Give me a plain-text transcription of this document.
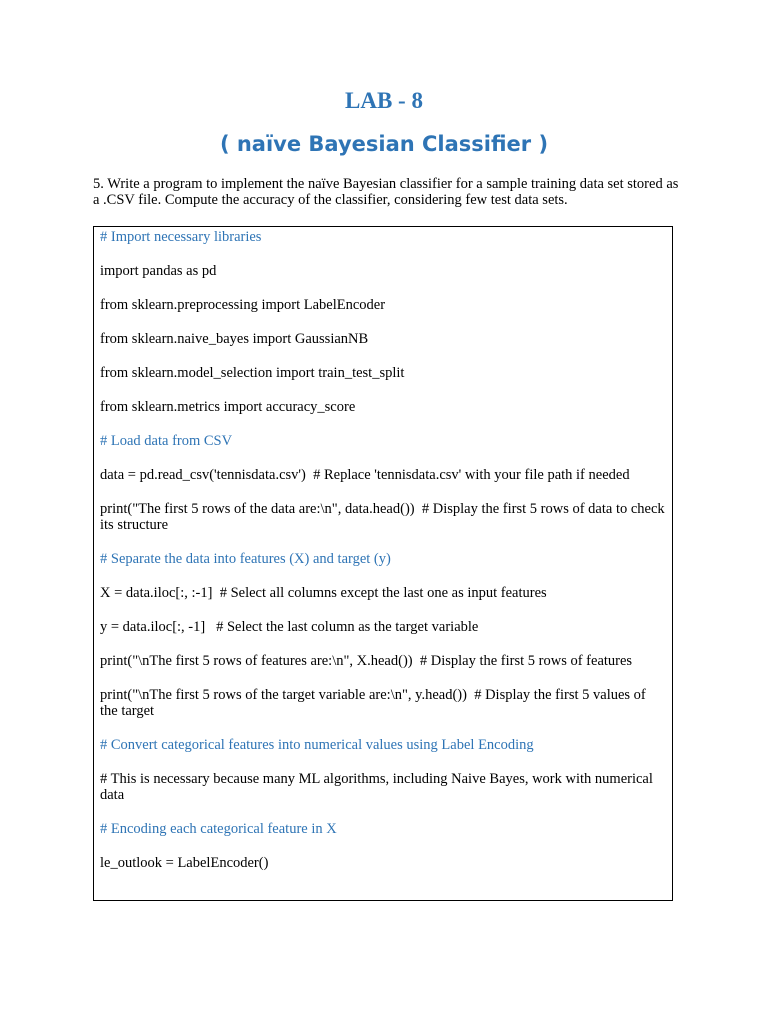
LAB - 8
( naïve Bayesian Classifier )

5. Write a program to implement the naïve Bayesian classifier for a sample training data set stored as a .CSV file. Compute the accuracy of the classifier, considering few test data sets.

# Import necessary libraries

import pandas as pd

from sklearn.preprocessing import LabelEncoder

from sklearn.naive_bayes import GaussianNB

from sklearn.model_selection import train_test_split

from sklearn.metrics import accuracy_score

# Load data from CSV

data = pd.read_csv('tennisdata.csv')  # Replace 'tennisdata.csv' with your file path if needed

print("The first 5 rows of the data are:\n", data.head())  # Display the first 5 rows of data to check its structure

# Separate the data into features (X) and target (y)

X = data.iloc[:, :-1]  # Select all columns except the last one as input features

y = data.iloc[:, -1]   # Select the last column as the target variable

print("\nThe first 5 rows of features are:\n", X.head())  # Display the first 5 rows of features

print("\nThe first 5 rows of the target variable are:\n", y.head())  # Display the first 5 values of the target

# Convert categorical features into numerical values using Label Encoding

# This is necessary because many ML algorithms, including Naive Bayes, work with numerical data

# Encoding each categorical feature in X

le_outlook = LabelEncoder()
